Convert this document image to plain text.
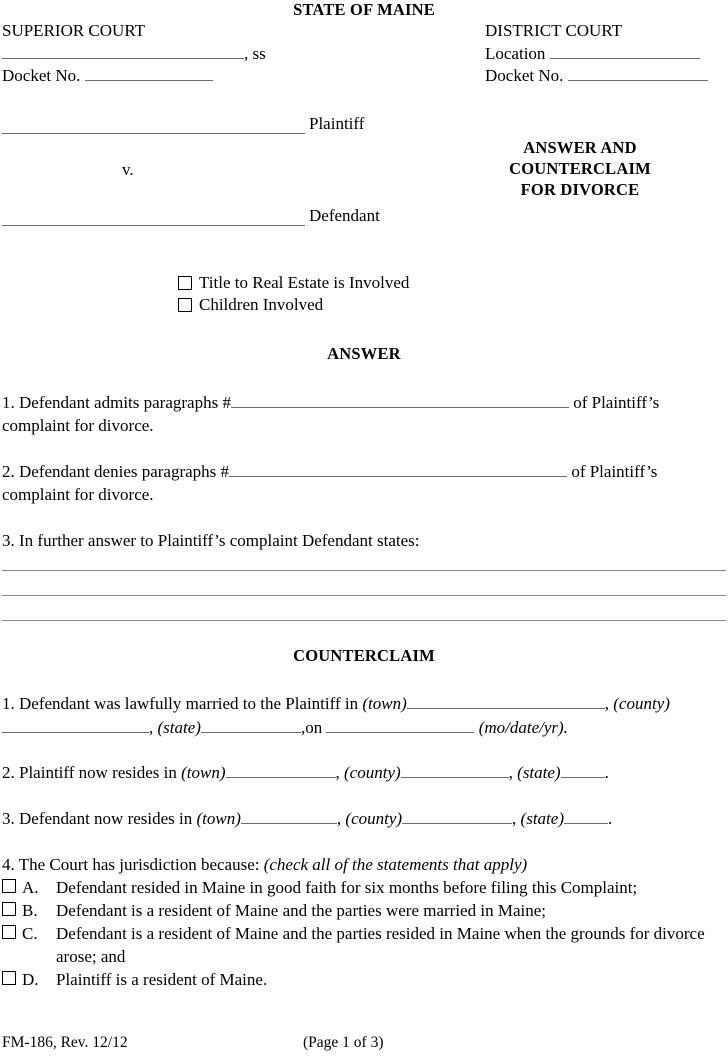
STATE OF MAINE
SUPERIOR COURT
, ss
Docket No.
DISTRICT COURT
Location
Docket No.
Plaintiff
v.
Defendant
ANSWER AND
COUNTERCLAIM
FOR DIVORCE
Title to Real Estate is Involved
Children Involved
ANSWER
1. Defendant admits paragraphs #	of Plaintiff’s complaint for divorce.
2. Defendant denies paragraphs #	of Plaintiff’s complaint for divorce.
3. In further answer to Plaintiff’s complaint Defendant states:
COUNTERCLAIM
1. Defendant was lawfully married to the Plaintiff in (town)	, (county), (state)	,on	(mo/date/yr).
2. Plaintiff now resides in (town)	, (county)	, (state)	.
3. Defendant now resides in (town)	, (county)	, (state)	.
4. The Court has jurisdiction because: (check all of the statements that apply)
A.	Defendant resided in Maine in good faith for six months before filing this Complaint;
B.	Defendant is a resident of Maine and the parties were married in Maine;
C.	Defendant is a resident of Maine and the parties resided in Maine when the grounds for divorce arose; and
D.	Plaintiff is a resident of Maine.
FM-186, Rev. 12/12	(Page 1 of 3)
